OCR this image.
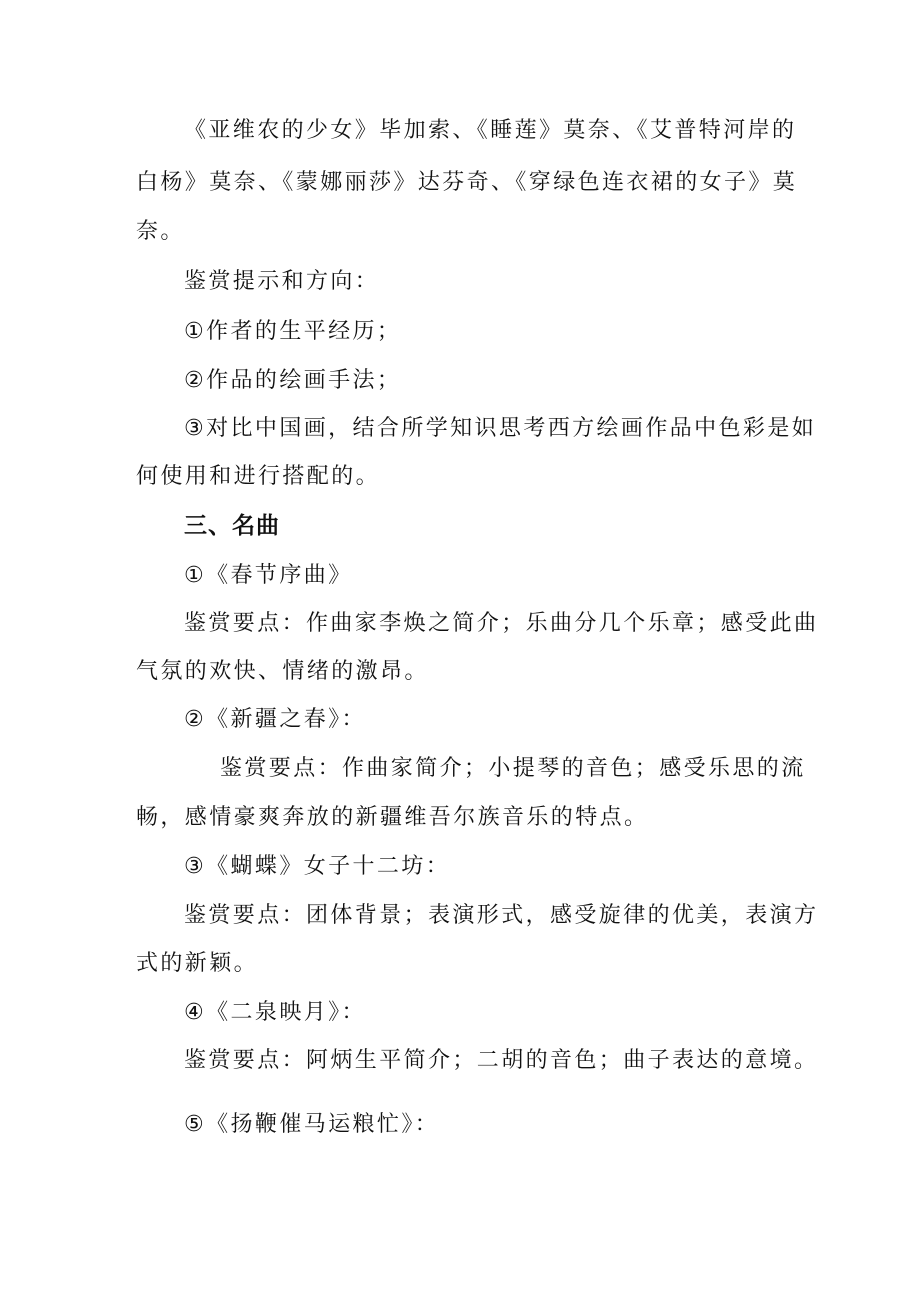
《亚维农的少女》毕加索、《睡莲》莫奈、《艾普特河岸的
白杨》莫奈、《蒙娜丽莎》达芬奇、《穿绿色连衣裙的女子》莫
奈。
鉴赏提示和方向：
①作者的生平经历；
②作品的绘画手法；
③对比中国画，结合所学知识思考西方绘画作品中色彩是如
何使用和进行搭配的。
三、名曲
①《春节序曲》
鉴赏要点：作曲家李焕之简介；乐曲分几个乐章；感受此曲
气氛的欢快、情绪的激昂。
②《新疆之春》：
鉴赏要点：作曲家简介；小提琴的音色；感受乐思的流
畅，感情豪爽奔放的新疆维吾尔族音乐的特点。
③《蝴蝶》女子十二坊：
鉴赏要点：团体背景；表演形式，感受旋律的优美，表演方
式的新颖。
④《二泉映月》：
鉴赏要点：阿炳生平简介；二胡的音色；曲子表达的意境。
⑤《扬鞭催马运粮忙》：
